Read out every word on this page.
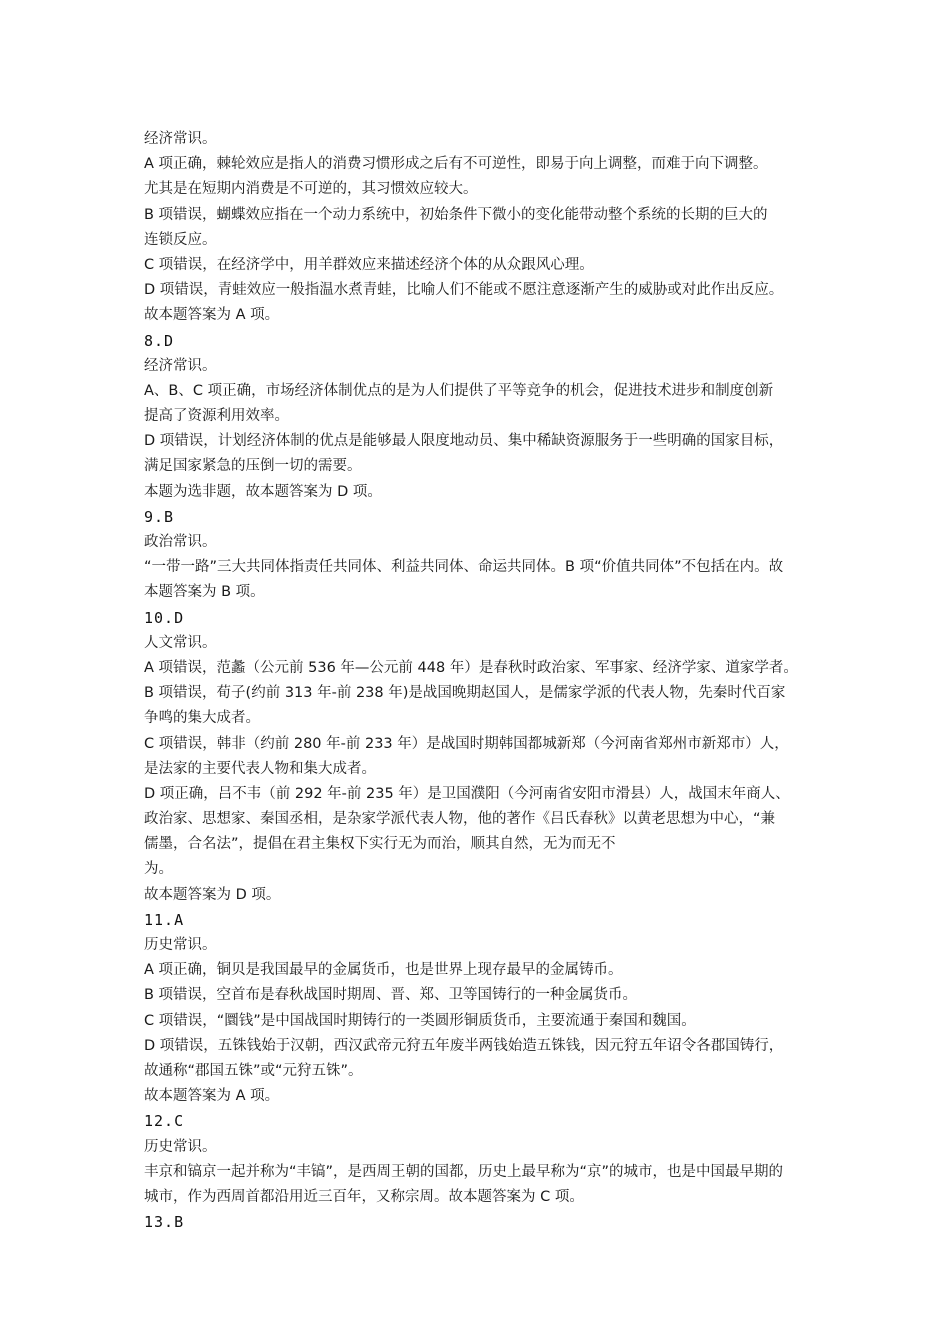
经济常识。
A 项正确，棘轮效应是指人的消费习惯形成之后有不可逆性，即易于向上调整，而难于向下调整。
尤其是在短期内消费是不可逆的，其习惯效应较大。
B 项错误，蝴蝶效应指在一个动力系统中，初始条件下微小的变化能带动整个系统的长期的巨大的
连锁反应。
C 项错误，在经济学中，用羊群效应来描述经济个体的从众跟风心理。
D 项错误，青蛙效应一般指温水煮青蛙，比喻人们不能或不愿注意逐渐产生的威胁或对此作出反应。
故本题答案为 A 项。
8.D
经济常识。
A、B、C 项正确，市场经济体制优点的是为人们提供了平等竞争的机会，促进技术进步和制度创新
提高了资源利用效率。
D 项错误，计划经济体制的优点是能够最人限度地动员、集中稀缺资源服务于一些明确的国家目标，
满足国家紧急的压倒一切的需要。
本题为选非题，故本题答案为 D 项。
9.B
政治常识。
“一带一路”三大共同体指责任共同体、利益共同体、命运共同体。B 项“价值共同体”不包括在内。故
本题答案为 B 项。
10.D
人文常识。
A 项错误，范蠡（公元前 536 年—公元前 448 年）是春秋时政治家、军事家、经济学家、道家学者。
B 项错误，荀子(约前 313 年-前 238 年)是战国晚期赵国人，是儒家学派的代表人物，先秦时代百家
争鸣的集大成者。
C 项错误，韩非（约前 280 年-前 233 年）是战国时期韩国都城新郑（今河南省郑州市新郑市）人，
是法家的主要代表人物和集大成者。
D 项正确，吕不韦（前 292 年-前 235 年）是卫国濮阳（今河南省安阳市滑县）人，战国末年商人、
政治家、思想家、秦国丞相，是杂家学派代表人物，他的著作《吕氏春秋》以黄老思想为中心，“兼
儒墨，合名法”，提倡在君主集权下实行无为而治，顺其自然，无为而无不
为。
故本题答案为 D 项。
11.A
历史常识。
A 项正确，铜贝是我国最早的金属货币，也是世界上现存最早的金属铸币。
B 项错误，空首布是春秋战国时期周、晋、郑、卫等国铸行的一种金属货币。
C 项错误，“圜钱”是中国战国时期铸行的一类圆形铜质货币，主要流通于秦国和魏国。
D 项错误，五铢钱始于汉朝，西汉武帝元狩五年废半两钱始造五铢钱，因元狩五年诏令各郡国铸行，
故通称“郡国五铢”或“元狩五铢”。
故本题答案为 A 项。
12.C
历史常识。
丰京和镐京一起并称为“丰镐”，是西周王朝的国都，历史上最早称为“京”的城市，也是中国最早期的
城市，作为西周首都沿用近三百年，又称宗周。故本题答案为 C 项。
13.B
